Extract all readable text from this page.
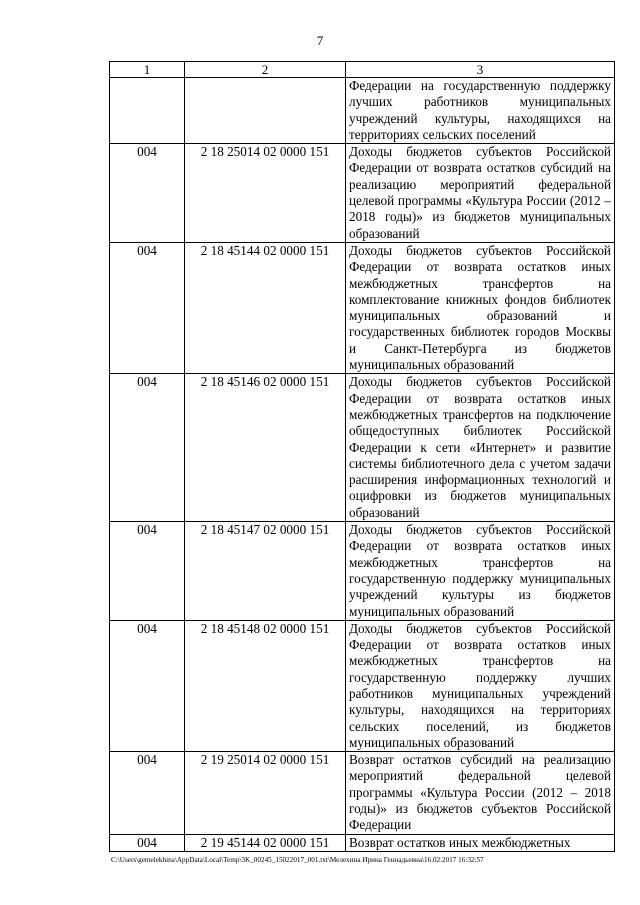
7
1	2	3
		Федерации на государственную поддержку лучших работников муниципальных учреждений культуры, находящихся на территориях сельских поселений
004	2 18 25014 02 0000 151	Доходы бюджетов субъектов Российской Федерации от возврата остатков субсидий на реализацию мероприятий федеральной целевой программы «Культура России (2012 – 2018 годы)» из бюджетов муниципальных образований
004	2 18 45144 02 0000 151	Доходы бюджетов субъектов Российской Федерации от возврата остатков иных межбюджетных трансфертов на комплектование книжных фондов библиотек муниципальных образований и государственных библиотек городов Москвы и Санкт-Петербурга из бюджетов муниципальных образований
004	2 18 45146 02 0000 151	Доходы бюджетов субъектов Российской Федерации от возврата остатков иных межбюджетных трансфертов на подключение общедоступных библиотек Российской Федерации к сети «Интернет» и развитие системы библиотечного дела с учетом задачи расширения информационных технологий и оцифровки из бюджетов муниципальных образований
004	2 18 45147 02 0000 151	Доходы бюджетов субъектов Российской Федерации от возврата остатков иных межбюджетных трансфертов на государственную поддержку муниципальных учреждений культуры из бюджетов муниципальных образований
004	2 18 45148 02 0000 151	Доходы бюджетов субъектов Российской Федерации от возврата остатков иных межбюджетных трансфертов на государственную поддержку лучших работников муниципальных учреждений культуры, находящихся на территориях сельских поселений, из бюджетов муниципальных образований
004	2 19 25014 02 0000 151	Возврат остатков субсидий на реализацию мероприятий федеральной целевой программы «Культура России (2012 – 2018 годы)» из бюджетов субъектов Российской Федерации
004	2 19 45144 02 0000 151	Возврат остатков иных межбюджетных
C:\Users\gemelekhina\AppData\Local\Temp\3K_00245_15022017_001.txt\Мелехина Ирина Геннадьевна\16.02.2017 16:32:57
